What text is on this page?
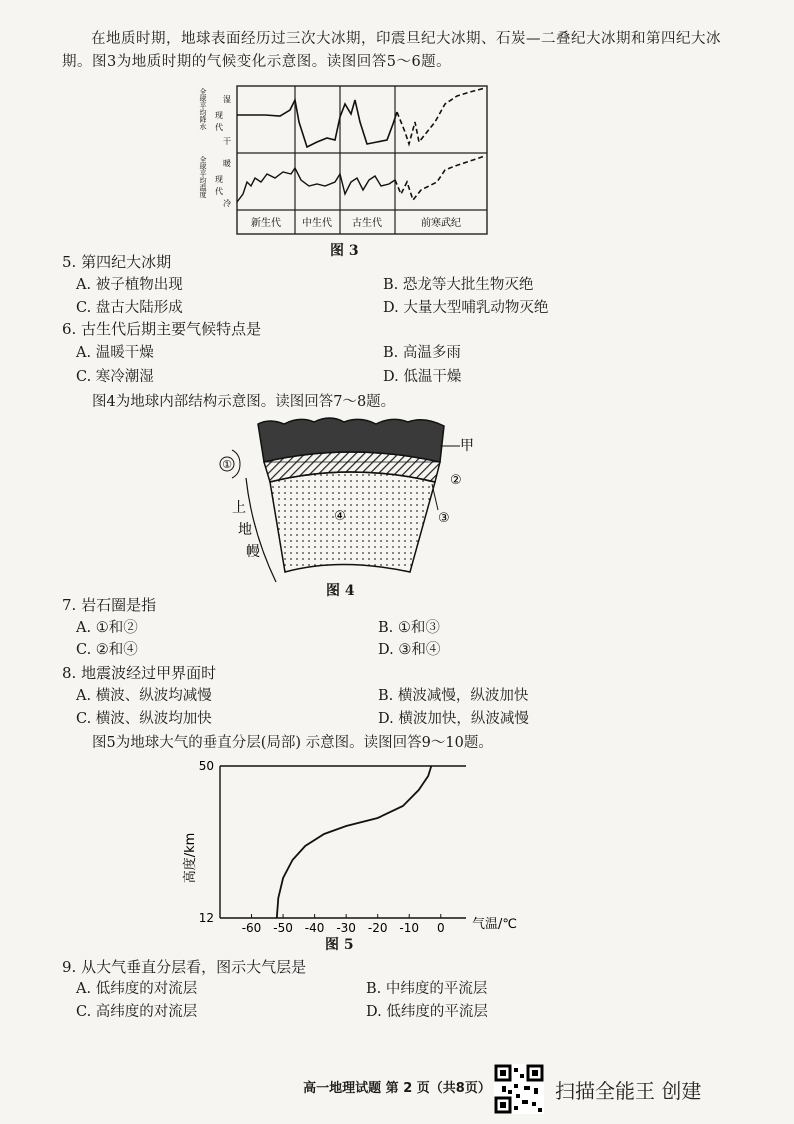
在地质时期，地球表面经历过三次大冰期，印震旦纪大冰期、石炭—二叠纪大冰期和第四纪大冰期。图3为地质时期的气候变化示意图。读图回答5～6题。

全球平均降水
全球平均温度
湿
现
代
干
暖
现
代
冷
新生代 中生代 古生代	前寒武纪
图 3
5. 第四纪大冰期
A. 被子植物出现	B. 恐龙等大批生物灭绝
C. 盘古大陆形成	D. 大量大型哺乳动物灭绝
6. 古生代后期主要气候特点是
A. 温暖干燥	B. 高温多雨
C. 寒冷潮湿	D. 低温干燥
图4为地球内部结构示意图。读图回答7～8题。
甲
①
②
③
④
上
地
幔
图 4
7. 岩石圈是指
A. ①和②	B. ①和③
C. ②和④	D. ③和④
8. 地震波经过甲界面时
A. 横波、纵波均减慢	B. 横波减慢，纵波加快
C. 横波、纵波均加快	D. 横波加快，纵波减慢
图5为地球大气的垂直分层(局部) 示意图。读图回答9～10题。
-60 -50 -40 -30 -20 -10 0
12
50
高度/km
气温/℃
图 5
9. 从大气垂直分层看，图示大气层是
A. 低纬度的对流层	B. 中纬度的平流层
C. 高纬度的对流层	D. 低纬度的平流层
高一地理试题 第 2 页（共8页）	扫描全能王 创建
